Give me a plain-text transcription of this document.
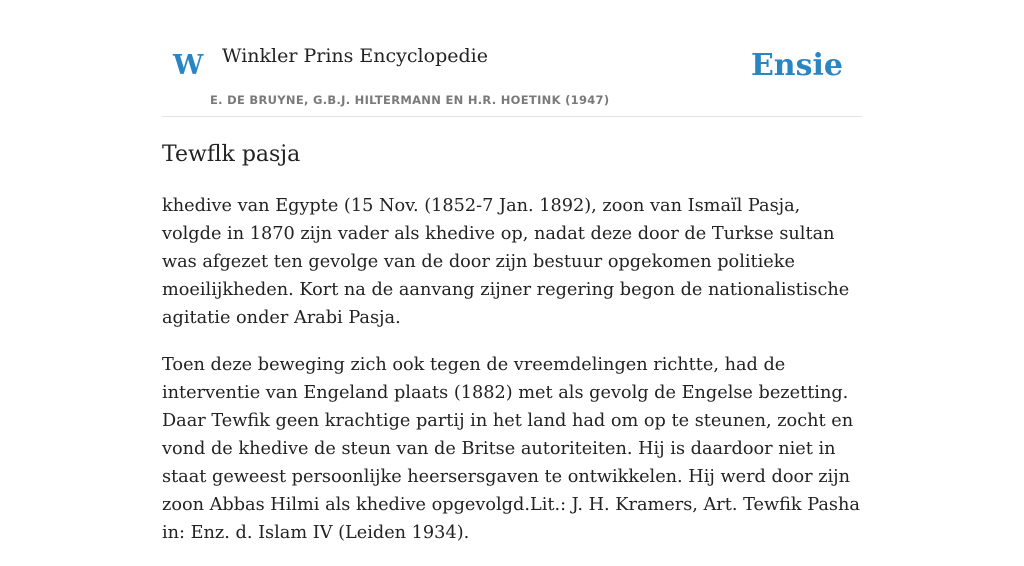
W Winkler Prins Encyclopedie
E. DE BRUYNE, G.B.J. HILTERMANN EN H.R. HOETINK (1947)
Ensie
Tewflk pasja

khedive van Egypte (15 Nov. (1852-7 Jan. 1892), zoon van Ismaïl Pasja, volgde in 1870 zijn vader als khedive op, nadat deze door de Turkse sultan was afgezet ten gevolge van de door zijn bestuur opgekomen politieke moeilijkheden. Kort na de aanvang zijner regering begon de nationalistische agitatie onder Arabi Pasja.

Toen deze beweging zich ook tegen de vreemdelingen richtte, had de interventie van Engeland plaats (1882) met als gevolg de Engelse bezetting. Daar Tewfik geen krachtige partij in het land had om op te steunen, zocht en vond de khedive de steun van de Britse autoriteiten. Hij is daardoor niet in staat geweest persoonlijke heersersgaven te ontwikkelen. Hij werd door zijn zoon Abbas Hilmi als khedive opgevolgd.Lit.: J. H. Kramers, Art. Tewfik Pasha in: Enz. d. Islam IV (Leiden 1934).
